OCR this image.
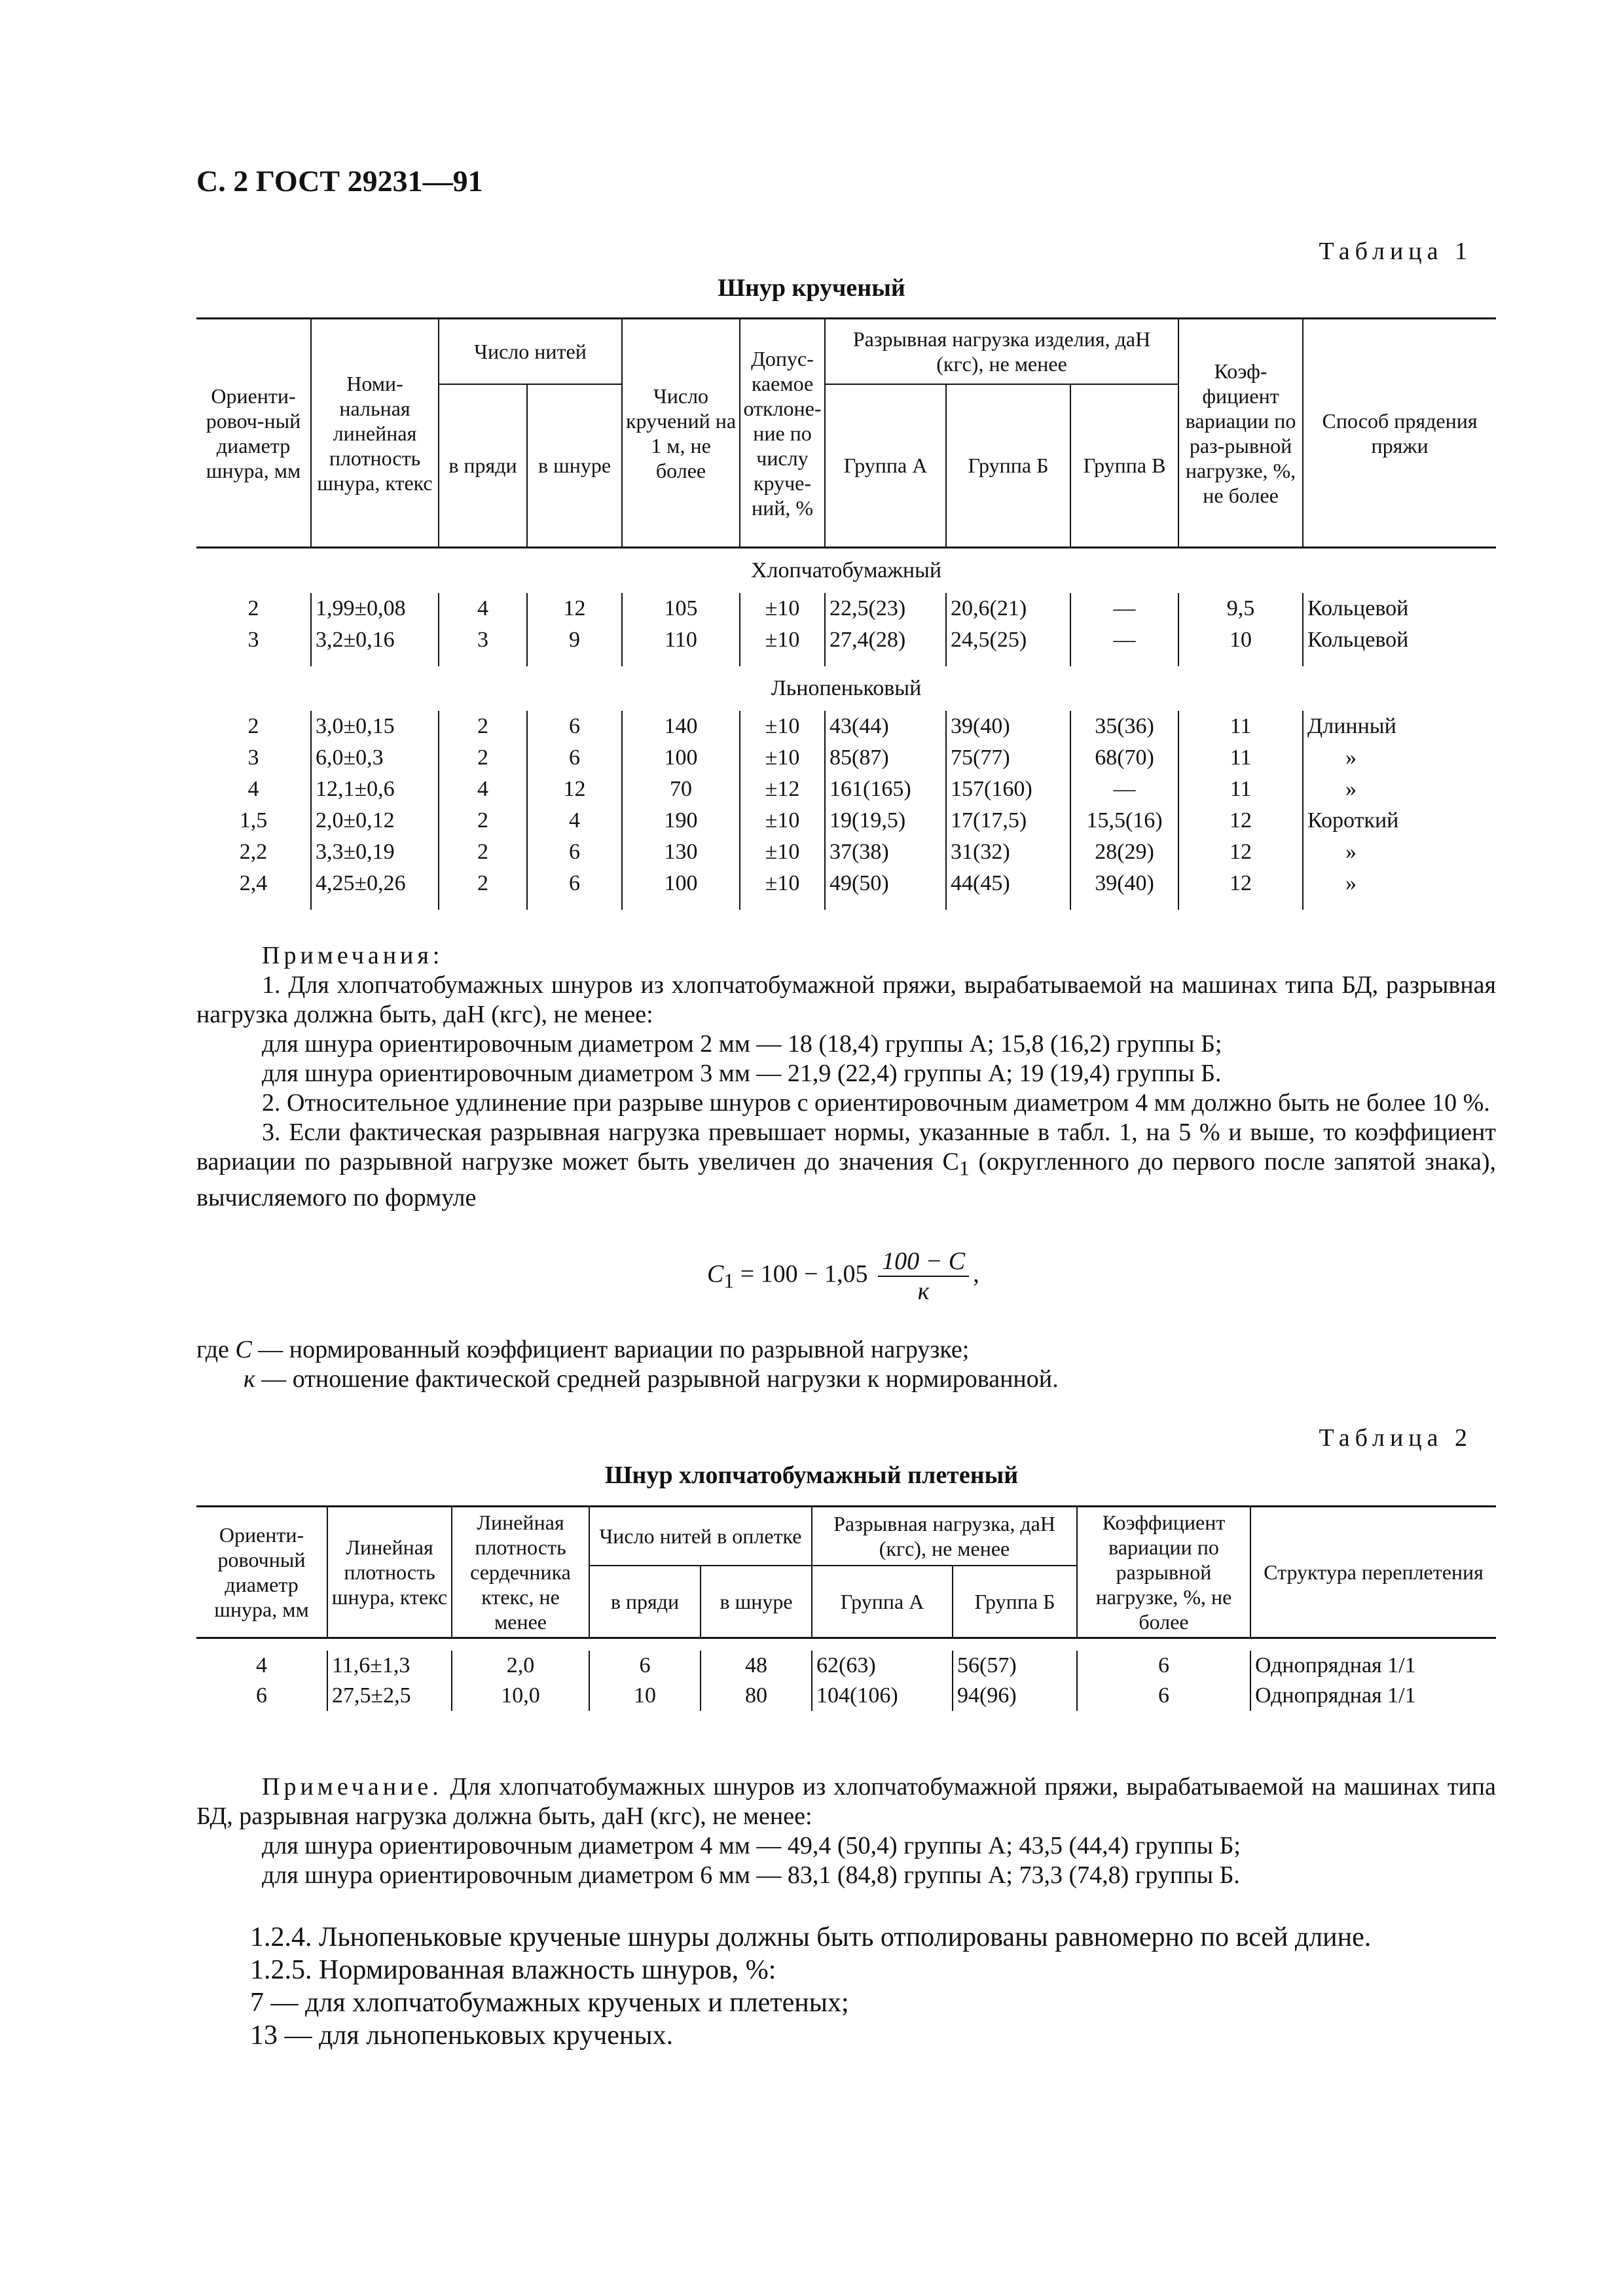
С. 2 ГОСТ 29231—91
Таблица 1
Шнур крученый
Ориенти-ровоч-ный диаметр шнура, мм	Номи-нальная линейная плотность шнура, ктекс	Число нитей		Число кручений на 1 м, не более	Допус-каемое отклоне-ние по числу круче-ний, %	Разрывная нагрузка изделия, даН (кгс), не менее			Коэф-фициент вариации по раз-рывной нагрузке, %, не более	Способ прядения пряжи
		в пряди	в шнуре			Группа А	Группа Б	Группа В		
Хлопчатобумажный										
2	1,99±0,08	4	12	105	±10	22,5(23)	20,6(21)	—	9,5	Кольцевой
3	3,2±0,16	3	9	110	±10	27,4(28)	24,5(25)	—	10	Кольцевой

Льнопеньковый										
2	3,0±0,15	2	6	140	±10	43(44)	39(40)	35(36)	11	Длинный
3	6,0±0,3	2	6	100	±10	85(87)	75(77)	68(70)	11	»
4	12,1±0,6	4	12	70	±12	161(165)	157(160)	—	11	»
1,5	2,0±0,12	2	4	190	±10	19(19,5)	17(17,5)	15,5(16)	12	Короткий
2,2	3,3±0,19	2	6	130	±10	37(38)	31(32)	28(29)	12	»
2,4	4,25±0,26	2	6	100	±10	49(50)	44(45)	39(40)	12	»

Примечания:

1. Для хлопчатобумажных шнуров из хлопчатобумажной пряжи, вырабатываемой на машинах типа БД, разрывная нагрузка должна быть, даН (кгс), не менее:

для шнура ориентировочным диаметром 2 мм — 18 (18,4) группы А; 15,8 (16,2) группы Б;

для шнура ориентировочным диаметром 3 мм — 21,9 (22,4) группы А; 19 (19,4) группы Б.

2. Относительное удлинение при разрыве шнуров с ориентировочным диаметром 4 мм должно быть не более 10 %.

3. Если фактическая разрывная нагрузка превышает нормы, указанные в табл. 1, на 5 % и выше, то коэффициент вариации по разрывной нагрузке может быть увеличен до значения $C_1$ (округленного до первого после запятой знака), вычисляемого по формуле

$C_1 = 100 - 1,05 \frac{100 - C}{к}$ ,

где C — нормированный коэффициент вариации по разрывной нагрузке;

к — отношение фактической средней разрывной нагрузки к нормированной.

Таблица 2
Шнур хлопчатобумажный плетеный
Ориенти-ровочный диаметр шнура, мм	Линейная плотность шнура, ктекс	Линейная плотность сердечника ктекс, не менее	Число нитей в оплетке		Разрывная нагрузка, даН (кгс), не менее		Коэффициент вариации по разрывной нагрузке, %, не более	Структура переплетения
			в пряди	в шнуре	Группа А	Группа Б		

4	11,6±1,3	2,0	6	48	62(63)	56(57)	6	Однопрядная 1/1
6	27,5±2,5	10,0	10	80	104(106)	94(96)	6	Однопрядная 1/1

Примечание. Для хлопчатобумажных шнуров из хлопчатобумажной пряжи, вырабатываемой на машинах типа БД, разрывная нагрузка должна быть, даН (кгс), не менее:

для шнура ориентировочным диаметром 4 мм — 49,4 (50,4) группы А; 43,5 (44,4) группы Б;

для шнура ориентировочным диаметром 6 мм — 83,1 (84,8) группы А; 73,3 (74,8) группы Б.

1.2.4. Льнопеньковые крученые шнуры должны быть отполированы равномерно по всей длине.

1.2.5. Нормированная влажность шнуров, %:

7 — для хлопчатобумажных крученых и плетеных;

13 — для льнопеньковых крученых.
